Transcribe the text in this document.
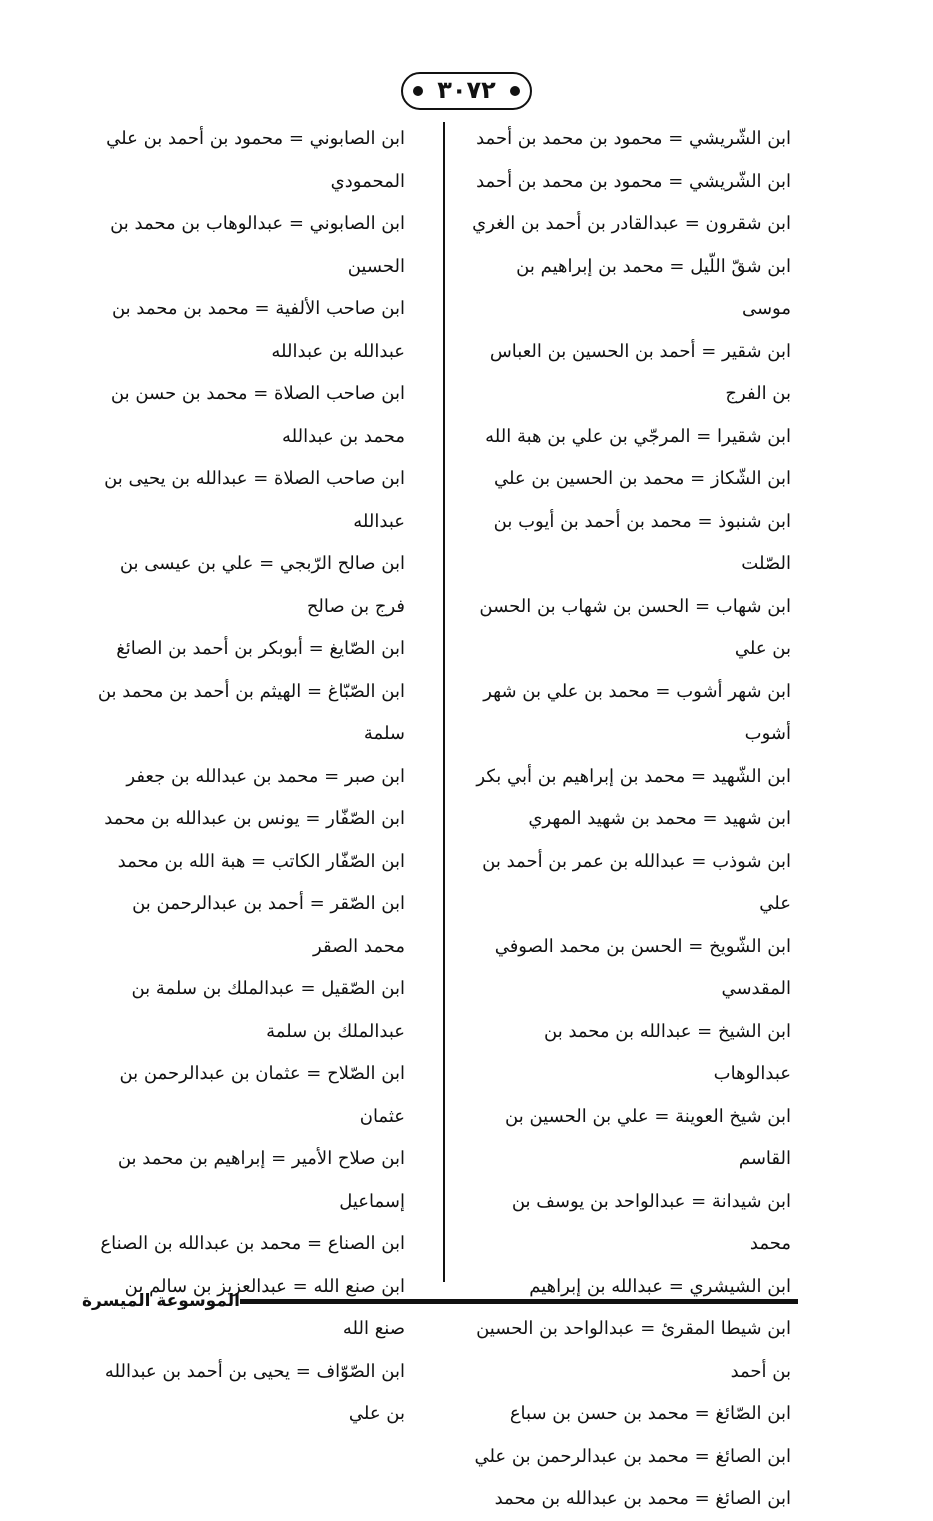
٣٠٧٢
ابن الشّريشي = محمود بن محمد بن أحمد
ابن الشّريشي = محمود بن محمد بن أحمد
ابن شقرون = عبدالقادر بن أحمد بن الغري
ابن شقّ اللّيل = محمد بن إبراهيم بن موسى
ابن شقير = أحمد بن الحسين بن العباس بن الفرج
ابن شقيرا = المرجّي بن علي بن هبة الله
ابن الشّكاز = محمد بن الحسين بن علي
ابن شنبوذ = محمد بن أحمد بن أيوب بن الصّلت
ابن شهاب = الحسن بن شهاب بن الحسن بن علي
ابن شهر أشوب = محمد بن علي بن شهر أشوب
ابن الشّهيد = محمد بن إبراهيم بن أبي بكر
ابن شهيد = محمد بن شهيد المهري
ابن شوذب = عبدالله بن عمر بن أحمد بن علي
ابن الشّويخ = الحسن بن محمد الصوفي المقدسي
ابن الشيخ = عبدالله بن محمد بن عبدالوهاب
ابن شيخ العوينة = علي بن الحسين بن القاسم
ابن شيدانة = عبدالواحد بن يوسف بن محمد
ابن الشيشري = عبدالله بن إبراهيم
ابن شيطا المقرئ = عبدالواحد بن الحسين بن أحمد
ابن الصّائغ = محمد بن حسن بن سباع
ابن الصائغ = محمد بن عبدالرحمن بن علي
ابن الصائغ = محمد بن عبدالله بن محمد
ابن الصابوني = محمود بن أحمد بن علي المحمودي
ابن الصابوني = عبدالوهاب بن محمد بن الحسين
ابن صاحب الألفية = محمد بن محمد بن عبدالله بن عبدالله
ابن صاحب الصلاة = محمد بن حسن بن محمد بن عبدالله
ابن صاحب الصلاة = عبدالله بن يحيى بن عبدالله
ابن صالح الرّبجي = علي بن عيسى بن فرج بن صالح
ابن الصّايغ = أبوبكر بن أحمد بن الصائغ
ابن الصّبّاغ = الهيثم بن أحمد بن محمد بن سلمة
ابن صبر = محمد بن عبدالله بن جعفر
ابن الصّفّار = يونس بن عبدالله بن محمد
ابن الصّفّار الكاتب = هبة الله بن محمد
ابن الصّقر = أحمد بن عبدالرحمن بن محمد الصقر
ابن الصّقيل = عبدالملك بن سلمة بن عبدالملك بن سلمة
ابن الصّلاح = عثمان بن عبدالرحمن بن عثمان
ابن صلاح الأمير = إبراهيم بن محمد بن إسماعيل
ابن الصناع = محمد بن عبدالله بن الصناع
ابن صنع الله = عبدالعزيز بن سالم بن صنع الله
ابن الصّوّاف = يحيى بن أحمد بن عبدالله بن علي
الموسوعة الميسرة
